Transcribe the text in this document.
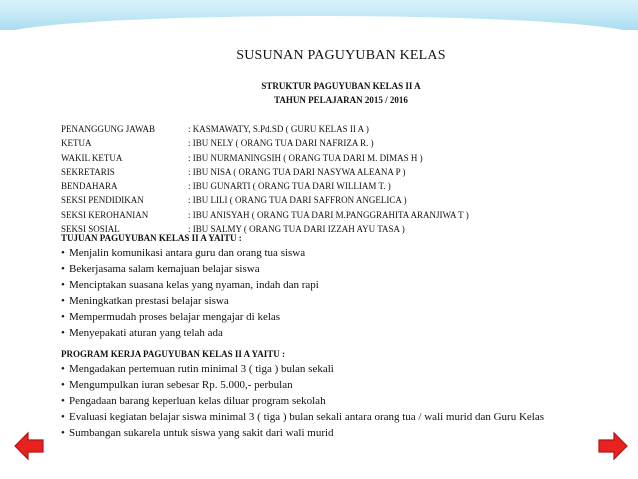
SUSUNAN PAGUYUBAN KELAS
STRUKTUR PAGUYUBAN KELAS II A
TAHUN PELAJARAN 2015 / 2016
PENANGGUNG JAWAB	: KASMAWATY, S.Pd.SD ( GURU KELAS II A )
KETUA	: IBU NELY ( ORANG TUA DARI NAFRIZA R. )
WAKIL KETUA	: IBU NURMANINGSIH ( ORANG TUA DARI M. DIMAS H )
SEKRETARIS	: IBU NISA ( ORANG TUA DARI NASYWA ALEANA P )
BENDAHARA	: IBU GUNARTI ( ORANG TUA DARI WILLIAM T. )
SEKSI PENDIDIKAN	: IBU LILI ( ORANG TUA DARI SAFFRON ANGELICA )
SEKSI KEROHANIAN	: IBU ANISYAH ( ORANG TUA DARI M.PANGGRAHITA ARANJIWA T )
SEKSI SOSIAL	: IBU SALMY ( ORANG TUA DARI IZZAH AYU TASA )
TUJUAN PAGUYUBAN KELAS II A YAITU :
• Menjalin komunikasi antara guru dan orang tua siswa
• Bekerjasama salam kemajuan belajar siswa
• Menciptakan suasana kelas yang nyaman, indah dan rapi
• Meningkatkan prestasi belajar siswa
• Mempermudah proses belajar mengajar di kelas
• Menyepakati aturan yang telah ada
PROGRAM KERJA PAGUYUBAN KELAS II A YAITU :
• Mengadakan pertemuan rutin minimal 3 ( tiga ) bulan sekali
• Mengumpulkan iuran sebesar Rp. 5.000,- perbulan
• Pengadaan barang keperluan kelas diluar program sekolah
• Evaluasi kegiatan belajar siswa minimal 3 ( tiga ) bulan sekali antara orang tua / wali murid dan Guru Kelas
• Sumbangan sukarela untuk siswa yang sakit dari wali murid
